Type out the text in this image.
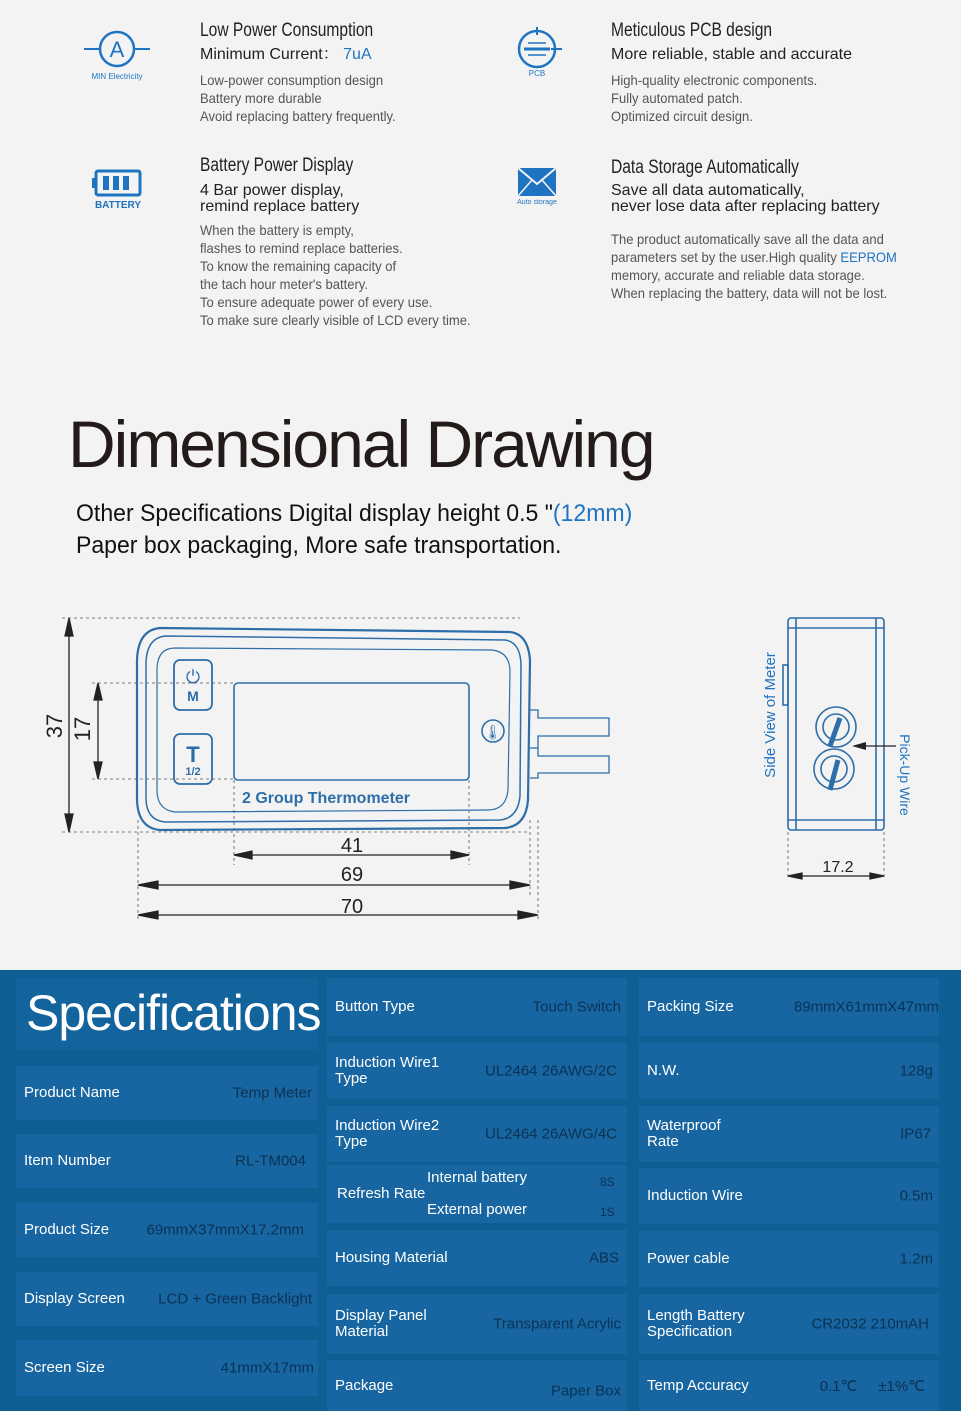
A
MIN Electricity
Low Power Consumption
Minimum Current： 7uA
Low-power consumption design
Battery more durable
Avoid replacing battery frequently.
PCB
Meticulous PCB design
More reliable, stable and accurate
High-quality electronic components.
Fully automated patch.
Optimized circuit design.
BATTERY
Battery Power Display
4 Bar power display,
remind replace battery
When the battery is empty,
flashes to remind replace batteries.
To know the remaining capacity of
the tach hour meter's battery.
To ensure adequate power of every use.
To make sure clearly visible of LCD every time.
Auto storage
Data Storage Automatically
Save all data automatically,
never lose data after replacing battery
The product automatically save all the data and
parameters set by the user.High quality EEPROM
memory, accurate and reliable data storage.
When replacing the battery, data will not be lost.
Dimensional Drawing
Other Specifications Digital display height 0.5 "(12mm)
Paper box packaging, More safe transportation.
37 17
⏻
M
T
1/2
🌡
2 Group Thermometer
41
69
70
Side View of Meter	Pick-Up Wire
17.2
Specifications
Product Name	Temp Meter
Item Number	RL-TM004
Product Size	69mmX37mmX17.2mm
Display Screen	LCD + Green Backlight
Screen Size	41mmX17mm
Button Type	Touch Switch
Induction Wire1 Type	UL2464 26AWG/2C
Induction Wire2 Type	UL2464 26AWG/4C
Refresh Rate
Internal battery	8S
External power	1S
Housing Material	ABS
Display Panel Material	Transparent Acrylic
Package	Paper Box
Packing Size	89mmX61mmX47mm
N.W.	128g
Waterproof Rate	IP67
Induction Wire	0.5m
Power cable	1.2m
Length Battery Specification	CR2032 210mAH
Temp Accuracy	0.1℃     ±1%℃
